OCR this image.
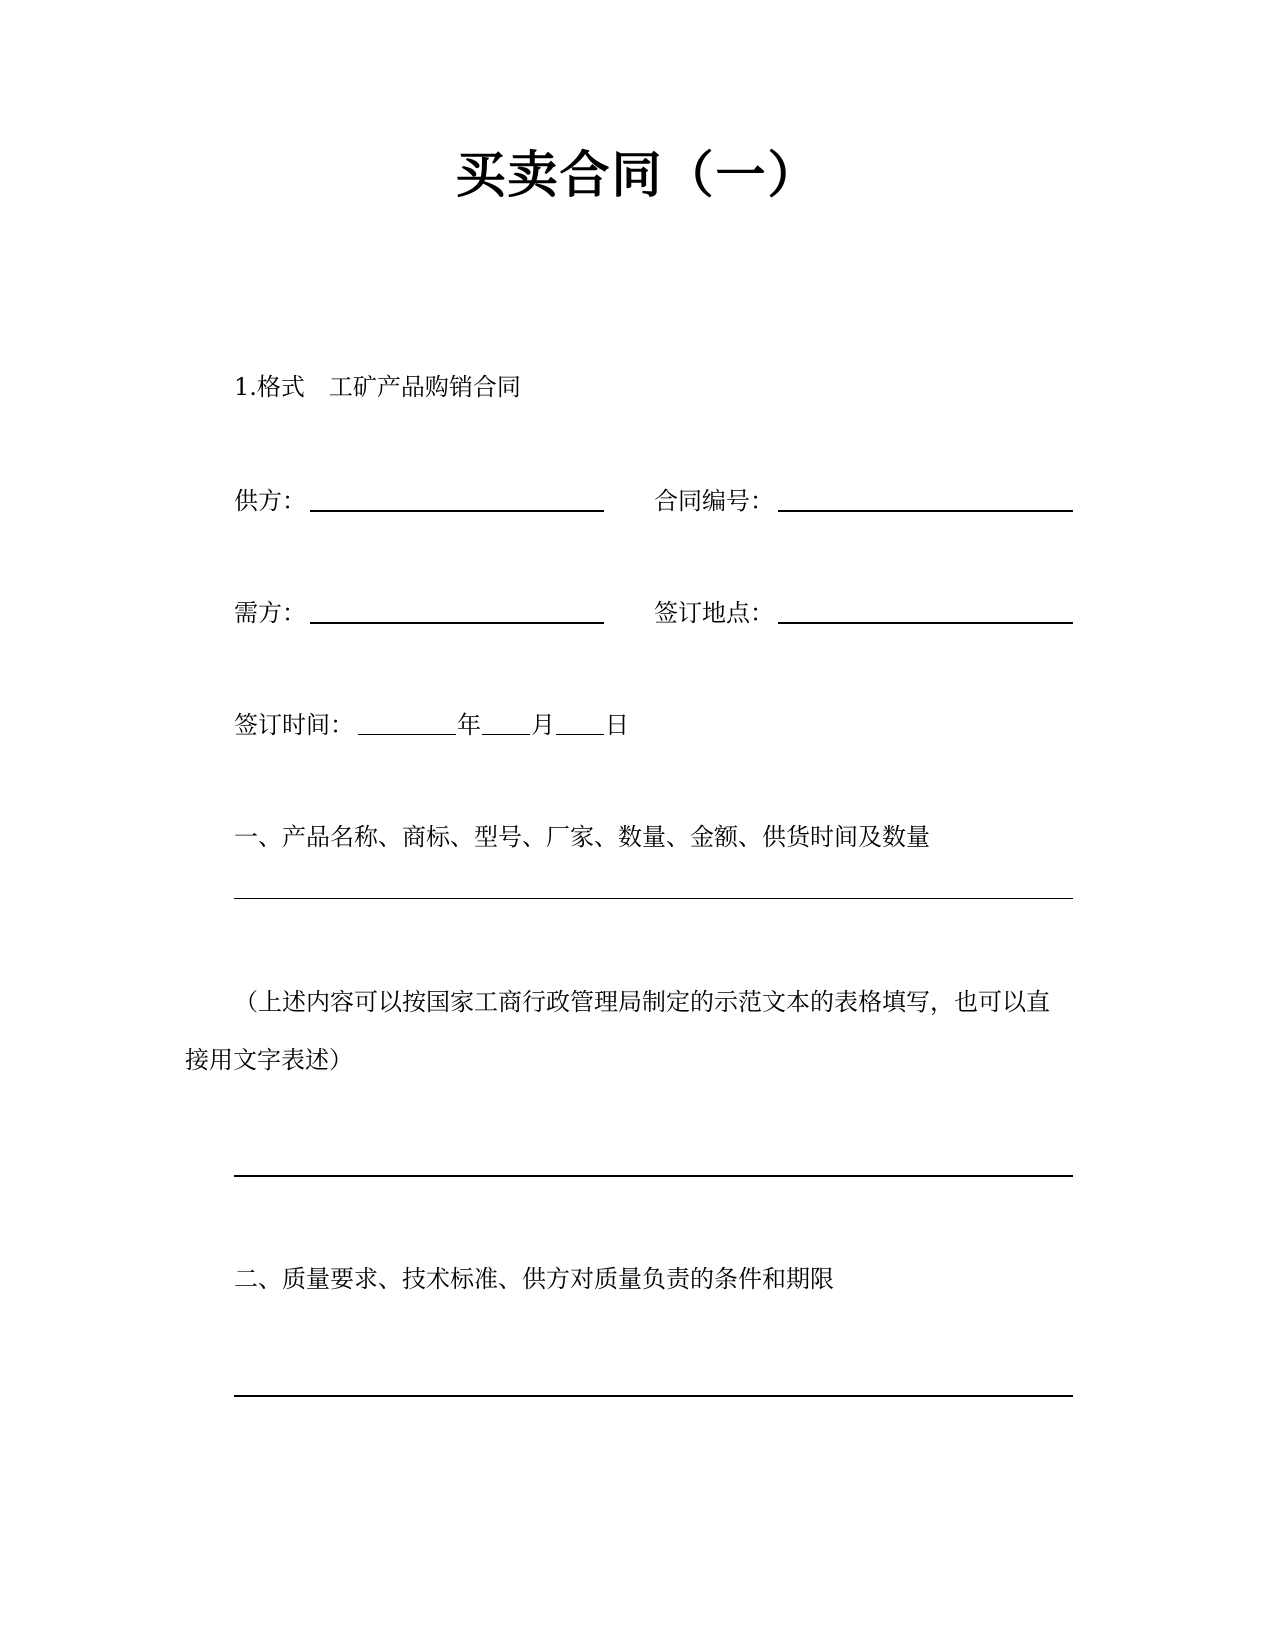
买卖合同（一）
1.格式　工矿产品购销合同
供方：	合同编号：
需方：	签订地点：
签订时间：	年 月 日
一、产品名称、商标、型号、厂家、数量、金额、供货时间及数量
（上述内容可以按国家工商行政管理局制定的示范文本的表格填写，也可以直
接用文字表述）
二、质量要求、技术标准、供方对质量负责的条件和期限
